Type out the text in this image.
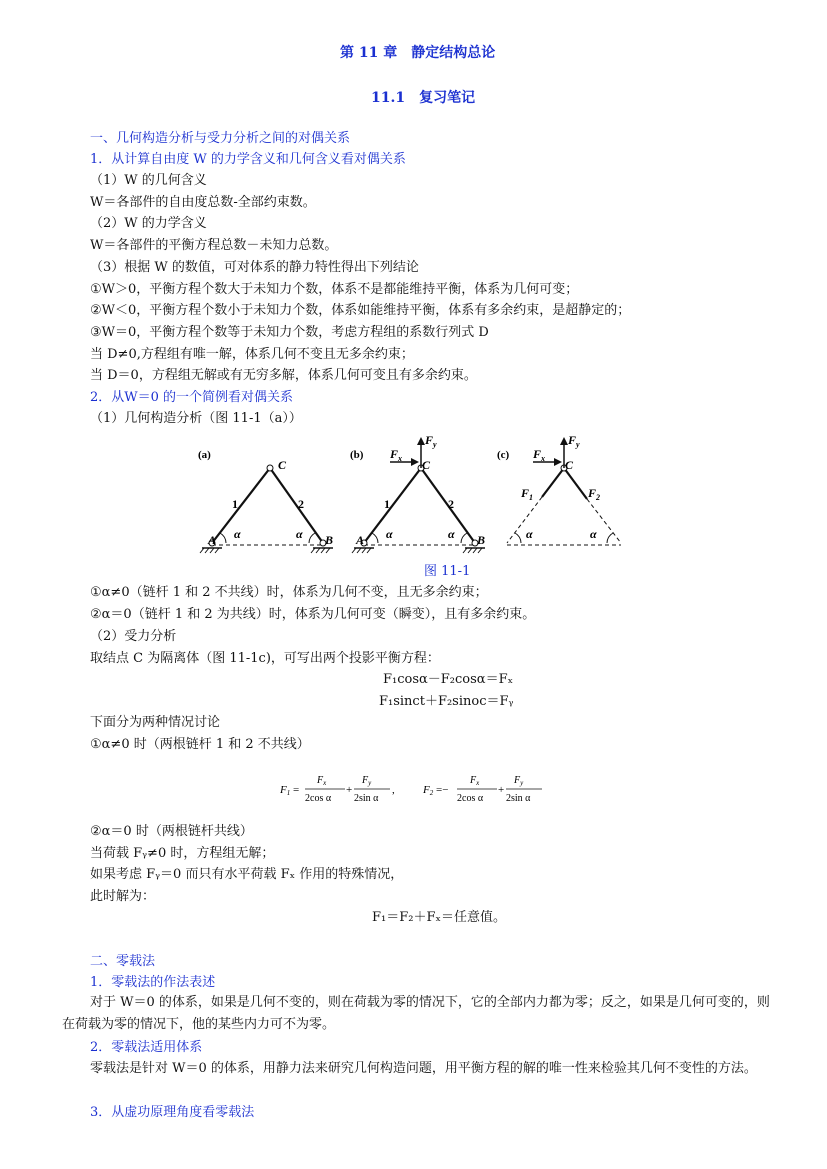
第 11 章　静定结构总论
11.1　复习笔记
一、几何构造分析与受力分析之间的对偶关系
1．从计算自由度 W 的力学含义和几何含义看对偶关系
（1）W 的几何含义
W＝各部件的自由度总数-全部约束数。
（2）W 的力学含义
W＝各部件的平衡方程总数－未知力总数。
（3）根据 W 的数值，可对体系的静力特性得出下列结论
①W＞0，平衡方程个数大于未知力个数，体系不是都能维持平衡，体系为几何可变；
②W＜0，平衡方程个数小于未知力个数，体系如能维持平衡，体系有多余约束，是超静定的；
③W＝0，平衡方程个数等于未知力个数，考虑方程组的系数行列式 D
当 D≠0,方程组有唯一解，体系几何不变且无多余约束；
当 D＝0，方程组无解或有无穷多解，体系几何可变且有多余约束。
2．从W＝0 的一个简例看对偶关系
（1）几何构造分析（图 11-1（a））
(a)
C
A	B
1	2
α	α
(b)
$F_y$
$F_x$ C
A	B
1	2
α	α
(c)
$F_y$
$F_x$ C
$F_1$	$F_2$
α	α
图 11-1
①α≠0（链杆 1 和 2 不共线）时，体系为几何不变，且无多余约束；
②α＝0（链杆 1 和 2 为共线）时，体系为几何可变（瞬变），且有多余约束。
（2）受力分析
取结点 C 为隔离体（图 11-1c)，可写出两个投影平衡方程：
F₁cosα－F₂cosα＝Fₓ
F₁sinct＋F₂sinoc＝Fᵧ
下面分为两种情况讨论
①α≠0 时（两根链杆 1 和 2 不共线）
F1 =
$F_x$
2cos α
+
$F_y$
2sin α
,	F2 =−
$F_x$
2cos α
+
$F_y$
2sin α
②α＝0 时（两根链杆共线）
当荷载 Fᵧ≠0 时，方程组无解；
如果考虑 Fᵧ＝0 而只有水平荷载 Fₓ 作用的特殊情况，
此时解为：
F₁＝F₂＋Fₓ＝任意值。
二、零载法
1．零载法的作法表述
对于 W＝0 的体系，如果是几何不变的，则在荷载为零的情况下，它的全部内力都为零；反之，如果是几何可变的，则在荷载为零的情况下，他的某些内力可不为零。
2．零载法适用体系
零载法是针对 W＝0 的体系，用静力法来研究几何构造问题，用平衡方程的解的唯一性来检验其几何不变性的方法。
3．从虚功原理角度看零载法
